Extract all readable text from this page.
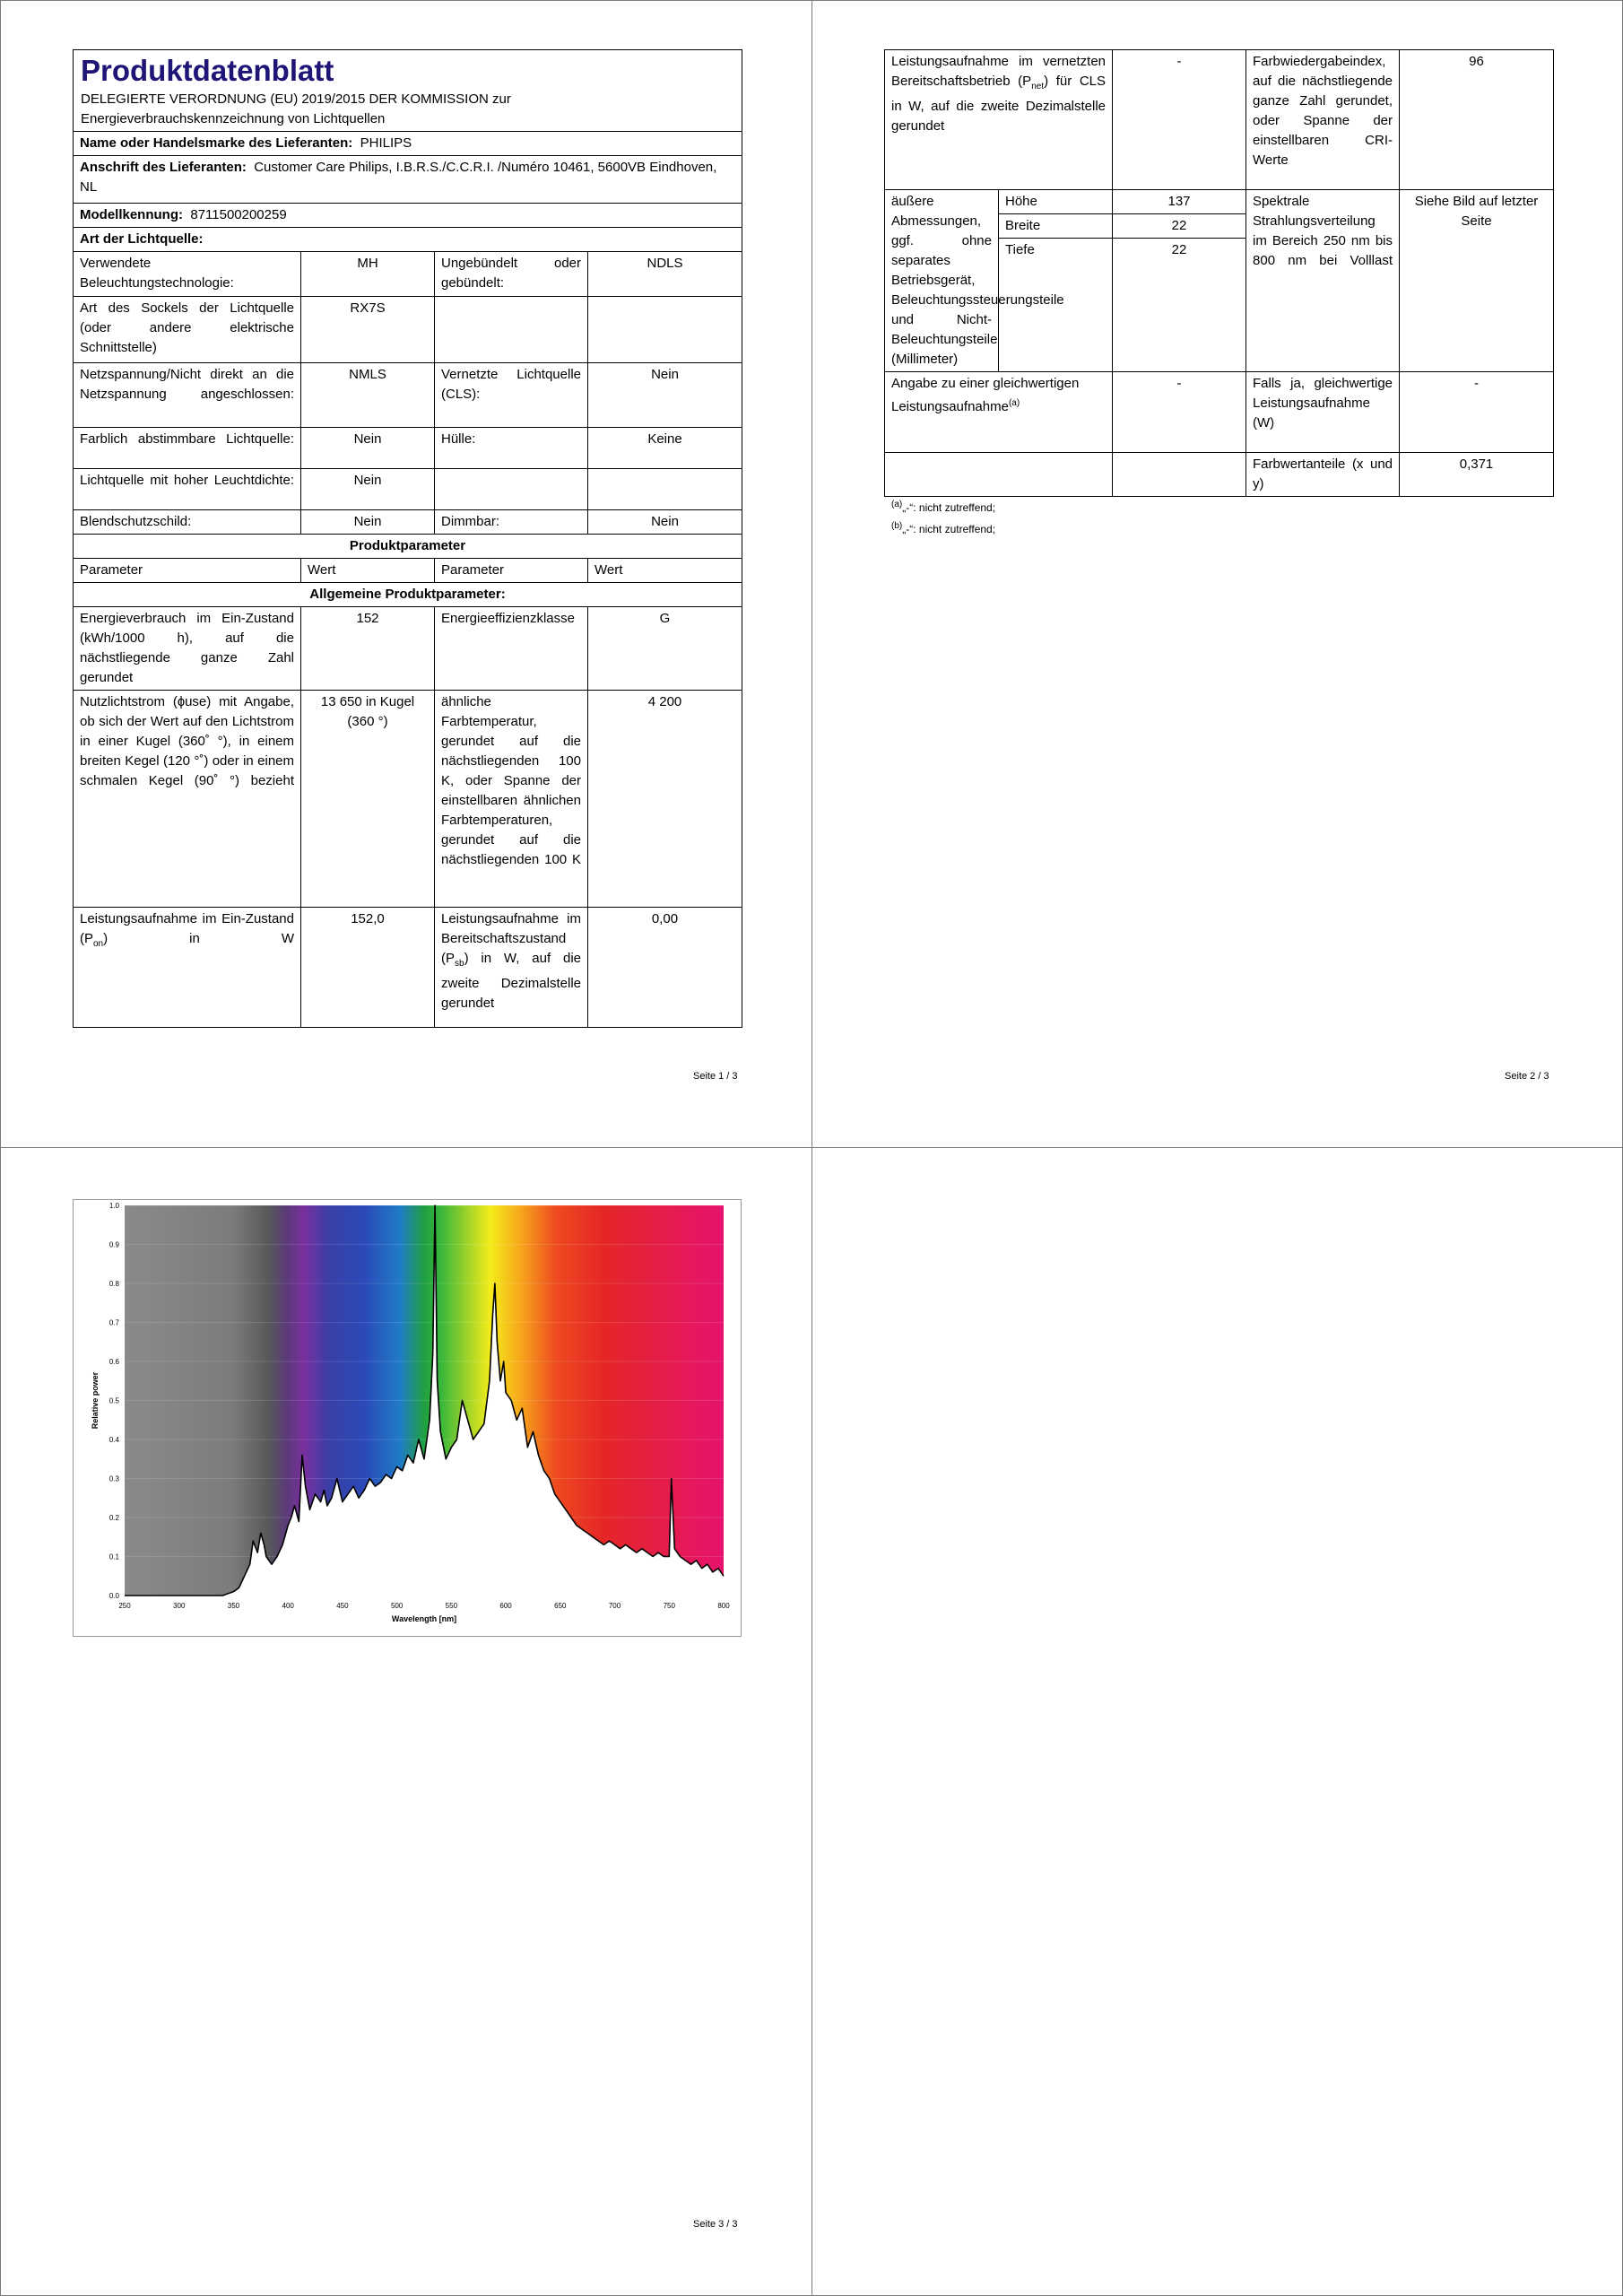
Produktdatenblatt
DELEGIERTE VERORDNUNG (EU) 2019/2015 DER KOMMISSION zur Energieverbrauchskennzeichnung von Lichtquellen			

Name oder Handelsmarke des Lieferanten: PHILIPS			
Anschrift des Lieferanten: Customer Care Philips, I.B.R.S./C.C.R.I. /Numéro 10461, 5600VB Eindhoven, NL			
Modellkennung: 8711500200259			
Art der Lichtquelle:			
Verwendete Beleuchtungstechnologie:	MH	Ungebündelt oder gebündelt:	NDLS
Art des Sockels der Lichtquelle (oder andere elektrische Schnittstelle)	RX7S		
Netzspannung/Nicht direkt an die Netzspannung angeschlossen:	NMLS	Vernetzte Lichtquelle (CLS):	Nein
Farblich abstimmbare Lichtquelle:	Nein	Hülle:	Keine
Lichtquelle mit hoher Leuchtdichte:	Nein		
Blendschutzschild:	Nein	Dimmbar:	Nein
Produktparameter			
Parameter	Wert	Parameter	Wert
Allgemeine Produktparameter:			
Energieverbrauch im Ein-Zustand (kWh/1000 h), auf die nächstliegende ganze Zahl gerundet	152	Energieeffizienzklasse	G
Nutzlichtstrom (ɸuse) mit Angabe, ob sich der Wert auf den Lichtstrom in einer Kugel (360˚ °), in einem breiten Kegel (120 °˚) oder in einem schmalen Kegel (90˚ °) bezieht	13 650 in Kugel (360 °)	ähnliche Farbtemperatur, gerundet auf die nächstliegenden 100 K, oder Spanne der einstellbaren ähnlichen Farbtemperaturen, gerundet auf die nächstliegenden 100 K	4 200
Leistungsaufnahme im Ein-Zustand $(P_{on})$ in W	152,0	Leistungsaufnahme im Bereitschaftszustand $(P_{sb})$ in W, auf die zweite Dezimalstelle gerundet	0,00
Seite 1 / 3
Leistungsaufnahme im vernetzten Bereitschaftsbetrieb $(P_{net})$ für CLS in W, auf die zweite Dezimalstelle gerundet		-	Farbwiedergabeindex, auf die nächstliegende ganze Zahl gerundet, oder Spanne der einstellbaren CRI-Werte	96
äußere Abmessungen, ggf. ohne separates Betriebsgerät, Beleuchtungssteuerungsteile und Nicht-Beleuchtungsteile (Millimeter)	Höhe	137	Spektrale Strahlungsverteilung im Bereich 250 nm bis 800 nm bei Volllast	Siehe Bild auf letzter Seite
	Breite	22		
	Tiefe	22		
Angabe zu einer gleichwertigen Leistungsaufnahme$^{(a)}$		-	Falls ja, gleichwertige Leistungsaufnahme (W)	-
			Farbwertanteile (x und y)	0,371
$^{(a)}$„-“: nicht zutreffend;
$^{(b)}$„-“: nicht zutreffend;
Seite 2 / 3
0.0
0.1
0.2
0.3
0.4
0.5
0.6
0.7
0.8
0.9
1.0
250	300	350	400	450	500	550	600	650	700	750	800
Relative power
Wavelength [nm]
Seite 3 / 3
